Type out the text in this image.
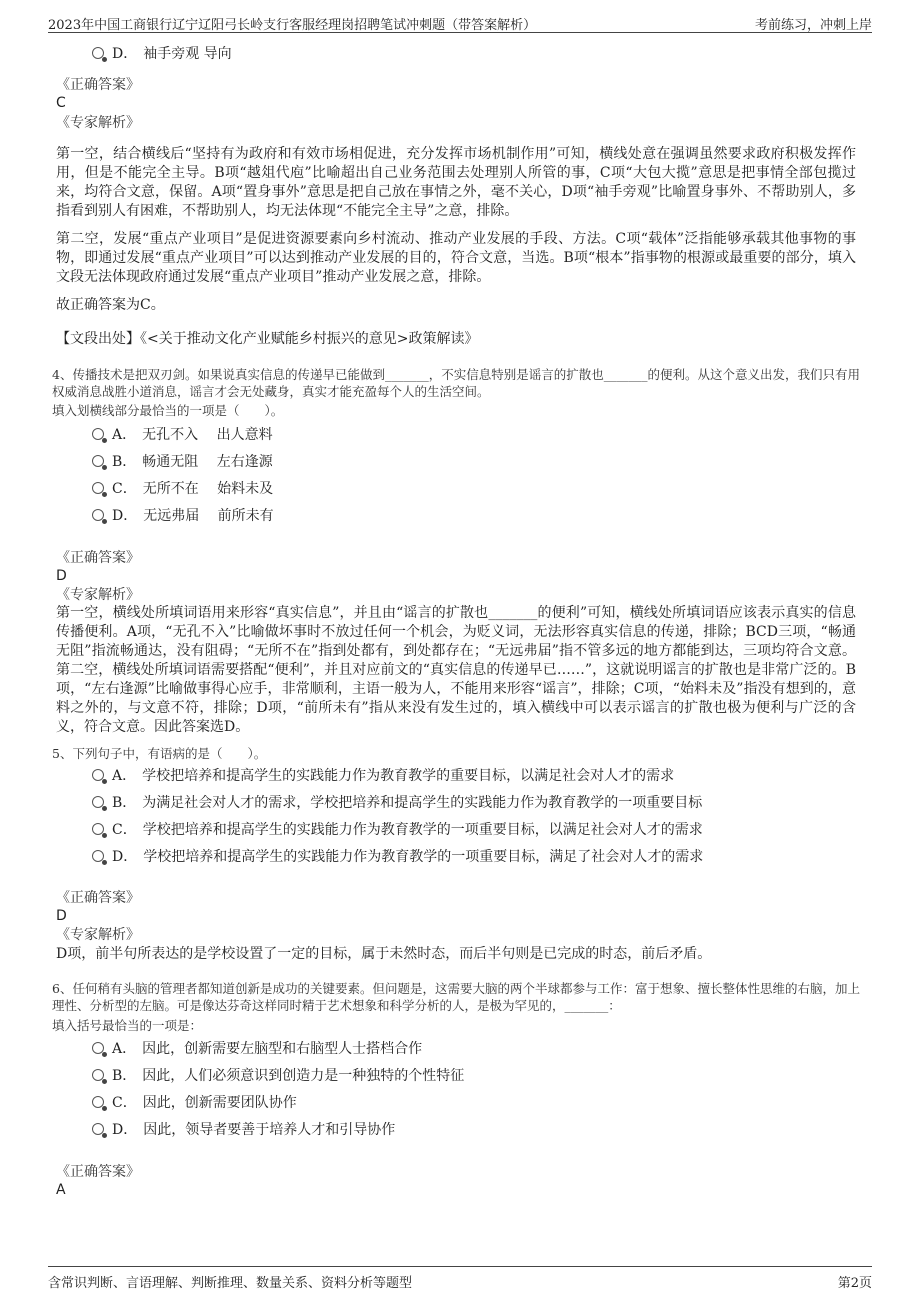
2023年中国工商银行辽宁辽阳弓长岭支行客服经理岗招聘笔试冲刺题（带答案解析）	考前练习，冲刺上岸
D． 袖手旁观 导向
《正确答案》
C
《专家解析》
第一空，结合横线后“坚持有为政府和有效市场相促进，充分发挥市场机制作用”可知，横线处意在强调虽然要求政府积极发挥作用，但是不能完全主导。B项“越俎代庖”比喻超出自己业务范围去处理别人所管的事，C项“大包大揽”意思是把事情全部包揽过来，均符合文意，保留。A项“置身事外”意思是把自己放在事情之外，毫不关心，D项“袖手旁观”比喻置身事外、不帮助别人，多指看到别人有困难，不帮助别人，均无法体现“不能完全主导”之意，排除。
第二空，发展“重点产业项目”是促进资源要素向乡村流动、推动产业发展的手段、方法。C项“载体”泛指能够承载其他事物的事物，即通过发展“重点产业项目”可以达到推动产业发展的目的，符合文意，当选。B项“根本”指事物的根源或最重要的部分，填入文段无法体现政府通过发展“重点产业项目”推动产业发展之意，排除。
故正确答案为C。
【文段出处】《<关于推动文化产业赋能乡村振兴的意见>政策解读》
4、传播技术是把双刃剑。如果说真实信息的传递早已能做到_______，不实信息特别是谣言的扩散也_______的便利。从这个意义出发，我们只有用权威消息战胜小道消息，谣言才会无处藏身，真实才能充盈每个人的生活空间。
填入划横线部分最恰当的一项是（　　）。
A． 无孔不入　 出人意料
B． 畅通无阻　 左右逢源
C． 无所不在　 始料未及
D． 无远弗届　 前所未有
《正确答案》
D
《专家解析》
第一空，横线处所填词语用来形容“真实信息”，并且由“谣言的扩散也_______的便利”可知，横线处所填词语应该表示真实的信息传播便利。A项，“无孔不入”比喻做坏事时不放过任何一个机会，为贬义词，无法形容真实信息的传递，排除；BCD三项，“畅通无阻”指流畅通达，没有阻碍；“无所不在”指到处都有，到处都存在；“无远弗届”指不管多远的地方都能到达，三项均符合文意。第二空，横线处所填词语需要搭配“便利”，并且对应前文的“真实信息的传递早已……”，这就说明谣言的扩散也是非常广泛的。B项，“左右逢源”比喻做事得心应手，非常顺利，主语一般为人，不能用来形容“谣言”，排除；C项，“始料未及”指没有想到的，意料之外的，与文意不符，排除；D项，“前所未有”指从来没有发生过的，填入横线中可以表示谣言的扩散也极为便利与广泛的含义，符合文意。因此答案选D。
5、下列句子中，有语病的是（　　）。
A． 学校把培养和提高学生的实践能力作为教育教学的重要目标，以满足社会对人才的需求
B． 为满足社会对人才的需求，学校把培养和提高学生的实践能力作为教育教学的一项重要目标
C． 学校把培养和提高学生的实践能力作为教育教学的一项重要目标，以满足社会对人才的需求
D． 学校把培养和提高学生的实践能力作为教育教学的一项重要目标，满足了社会对人才的需求
《正确答案》
D
《专家解析》
D项，前半句所表达的是学校设置了一定的目标，属于未然时态，而后半句则是已完成的时态，前后矛盾。
6、任何稍有头脑的管理者都知道创新是成功的关键要素。但问题是，这需要大脑的两个半球都参与工作：富于想象、擅长整体性思维的右脑，加上理性、分析型的左脑。可是像达芬奇这样同时精于艺术想象和科学分析的人，是极为罕见的，_______：
填入括号最恰当的一项是：
A． 因此，创新需要左脑型和右脑型人士搭档合作
B． 因此，人们必须意识到创造力是一种独特的个性特征
C． 因此，创新需要团队协作
D． 因此，领导者要善于培养人才和引导协作
《正确答案》
A
含常识判断、言语理解、判断推理、数量关系、资料分析等题型	第2页
